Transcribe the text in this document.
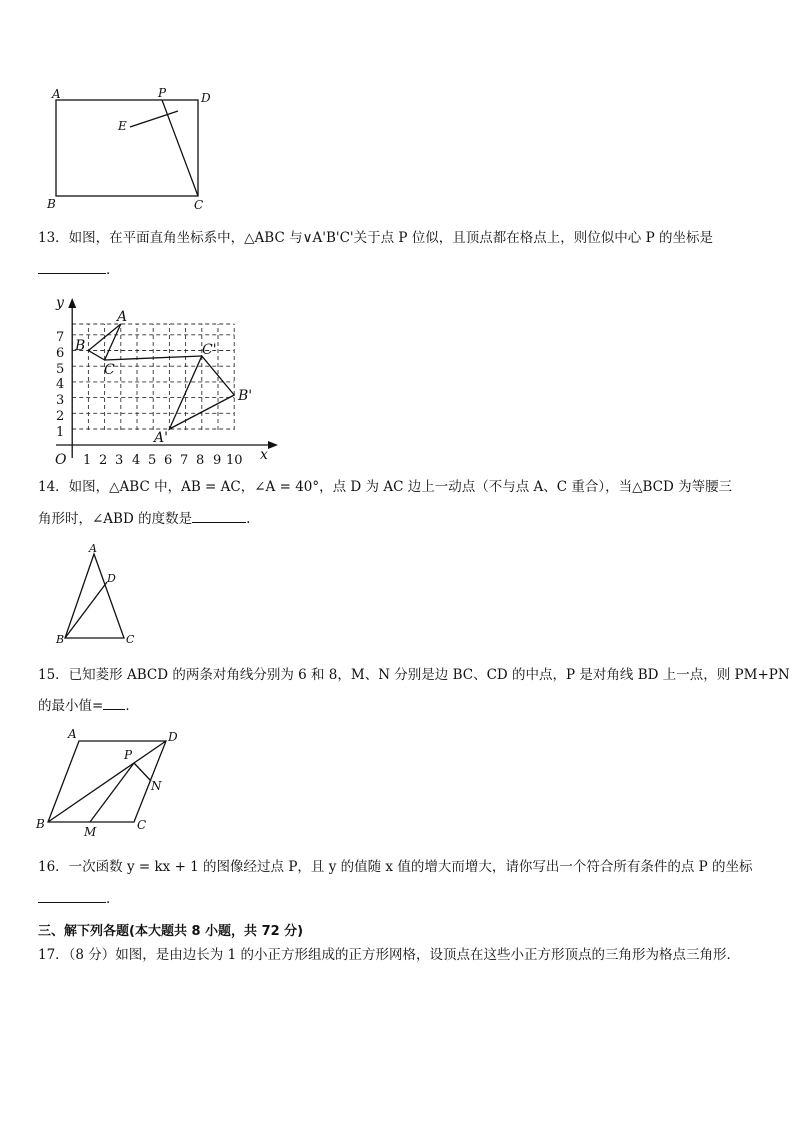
A	P	D
E
B	C
13．如图，在平面直角坐标系中，△ABC 与∨A'B'C'关于点 P 位似，且顶点都在格点上，则位似中心 P 的坐标是
．
y
x
O 1 2 3 4 5 6 7 8 9 10
1
2
3
4
5
6
7
A
B
C
A'
B'
C'
14．如图，△ABC 中，AB = AC，∠A = 40°，点 D 为 AC 边上一动点（不与点 A、C 重合），当△BCD 为等腰三
角形时，∠ABD 的度数是	.
A
D
B	C
15．已知菱形 ABCD 的两条对角线分别为 6 和 8，M、N 分别是边 BC、CD 的中点，P 是对角线 BD 上一点，则 PM+PN
的最小值= ．
A	D
P
N
B
M	C
16．一次函数 y = kx + 1 的图像经过点 P，且 y 的值随 x 值的增大而增大，请你写出一个符合所有条件的点 P 的坐标
．
三、解下列各题(本大题共 8 小题，共 72 分)
17．（8 分）如图，是由边长为 1 的小正方形组成的正方形网格，设顶点在这些小正方形顶点的三角形为格点三角形．
